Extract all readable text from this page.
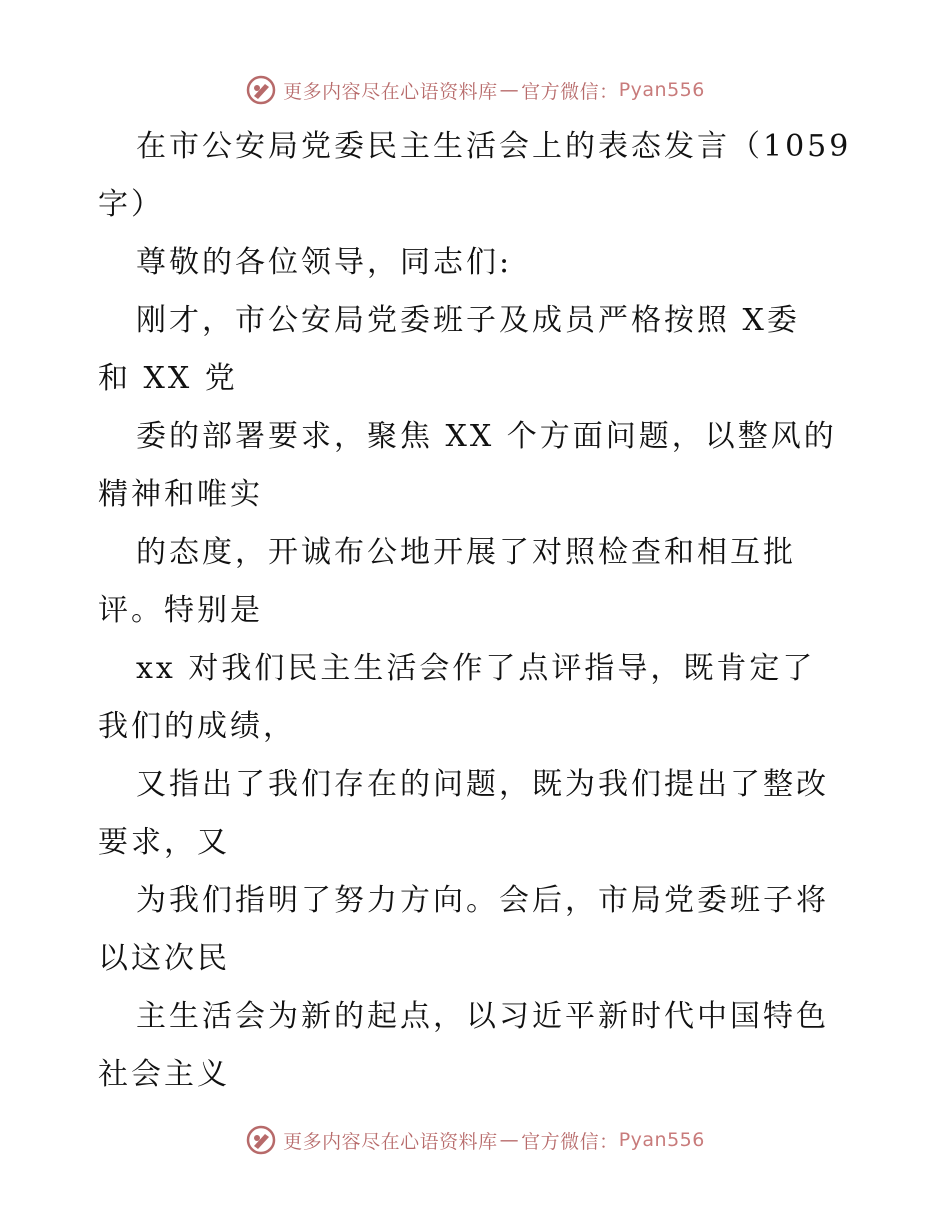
更多内容尽在心语资料库 — 官方微信： Pyan556
在市公安局党委民主生活会上的表态发言（1059
字）
尊敬的各位领导，同志们:
刚才，市公安局党委班子及成员严格按照 X委
和 XX 党
委的部署要求，聚焦 XX 个方面问题，以整风的
精神和唯实
的态度，开诚布公地开展了对照检查和相互批
评。特别是
xx 对我们民主生活会作了点评指导，既肯定了
我们的成绩，
又指出了我们存在的问题，既为我们提出了整改
要求，又
为我们指明了努力方向。会后，市局党委班子将
以这次民
主生活会为新的起点，以习近平新时代中国特色
社会主义
更多内容尽在心语资料库 — 官方微信： Pyan556
